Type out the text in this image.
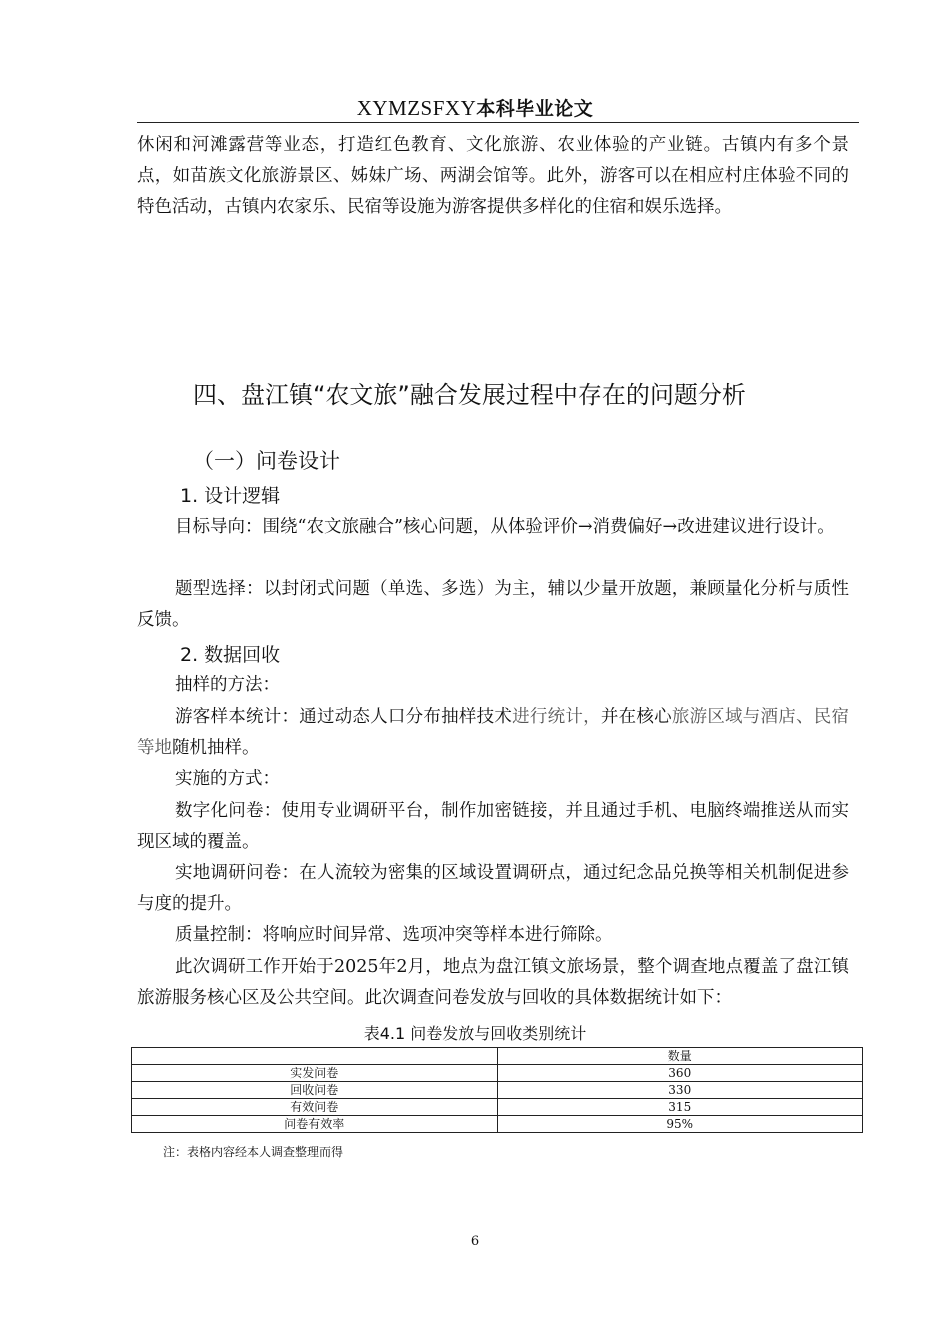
XYMZSFXY本科毕业论文

休闲和河滩露营等业态，打造红色教育、文化旅游、农业体验的产业链。古镇内有多个景点，如苗族文化旅游景区、姊妹广场、两湖会馆等。此外，游客可以在相应村庄体验不同的特色活动，古镇内农家乐、民宿等设施为游客提供多样化的住宿和娱乐选择。

四、盘江镇“农文旅”融合发展过程中存在的问题分析
（一）问卷设计
1. 设计逻辑

目标导向：围绕“农文旅融合”核心问题，从体验评价→消费偏好→改进建议进行设计。

题型选择：以封闭式问题（单选、多选）为主，辅以少量开放题，兼顾量化分析与质性反馈。

2. 数据回收

抽样的方法：

游客样本统计：通过动态人口分布抽样技术进行统计，并在核心旅游区域与酒店、民宿等地随机抽样。

实施的方式：

数字化问卷：使用专业调研平台，制作加密链接，并且通过手机、电脑终端推送从而实现区域的覆盖。

实地调研问卷：在人流较为密集的区域设置调研点，通过纪念品兑换等相关机制促进参与度的提升。

质量控制：将响应时间异常、选项冲突等样本进行筛除。

此次调研工作开始于2025年2月，地点为盘江镇文旅场景，整个调查地点覆盖了盘江镇旅游服务核心区及公共空间。此次调查问卷发放与回收的具体数据统计如下：

表4.1 问卷发放与回收类别统计
	数量
实发问卷	360
回收问卷	330
有效问卷	315
问卷有效率	95%
注：表格内容经本人调查整理而得
6
